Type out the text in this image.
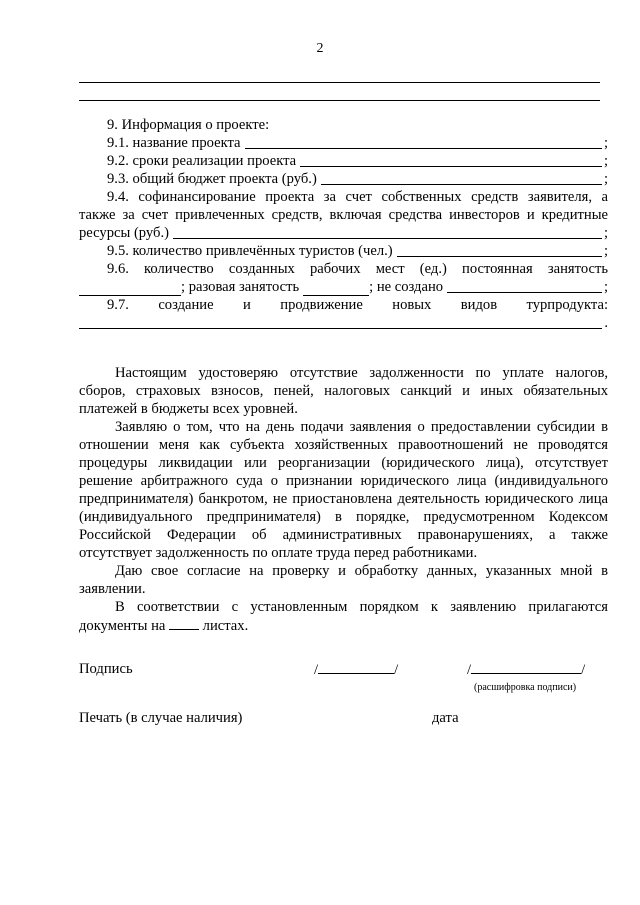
2
9. Информация о проекте:
9.1. название проекта	;
9.2. сроки реализации проекта	;
9.3. общий бюджет проекта (руб.)	;
9.4. софинансирование проекта за счет собственных средств заявителя, а
также за счет привлеченных средств, включая средства инвесторов и кредитные
ресурсы (руб.)	;
9.5. количество привлечённых туристов (чел.)	;
9.6. количество созданных рабочих мест (ед.) постоянная занятость
; разовая занятость	; не создано	;
9.7. создание и продвижение новых видов турпродукта:
.
Настоящим удостоверяю отсутствие задолженности по уплате налогов, сборов, страховых взносов, пеней, налоговых санкций и иных обязательных платежей в бюджеты всех уровней.
Заявляю о том, что на день подачи заявления о предоставлении субсидии в отношении меня как субъекта хозяйственных правоотношений не проводятся процедуры ликвидации или реорганизации (юридического лица), отсутствует решение арбитражного суда о признании юридического лица (индивидуального предпринимателя) банкротом, не приостановлена деятельность юридического лица (индивидуального предпринимателя) в порядке, предусмотренном Кодексом Российской Федерации об административных правонарушениях, а также отсутствует задолженность по оплате труда перед работниками.
Даю свое согласие на проверку и обработку данных, указанных мной в заявлении.
В соответствии с установленным порядком к заявлению прилагаются документы на	листах.
Подпись	/	/	/	/
(расшифровка подписи)
Печать (в случае наличия)	дата
